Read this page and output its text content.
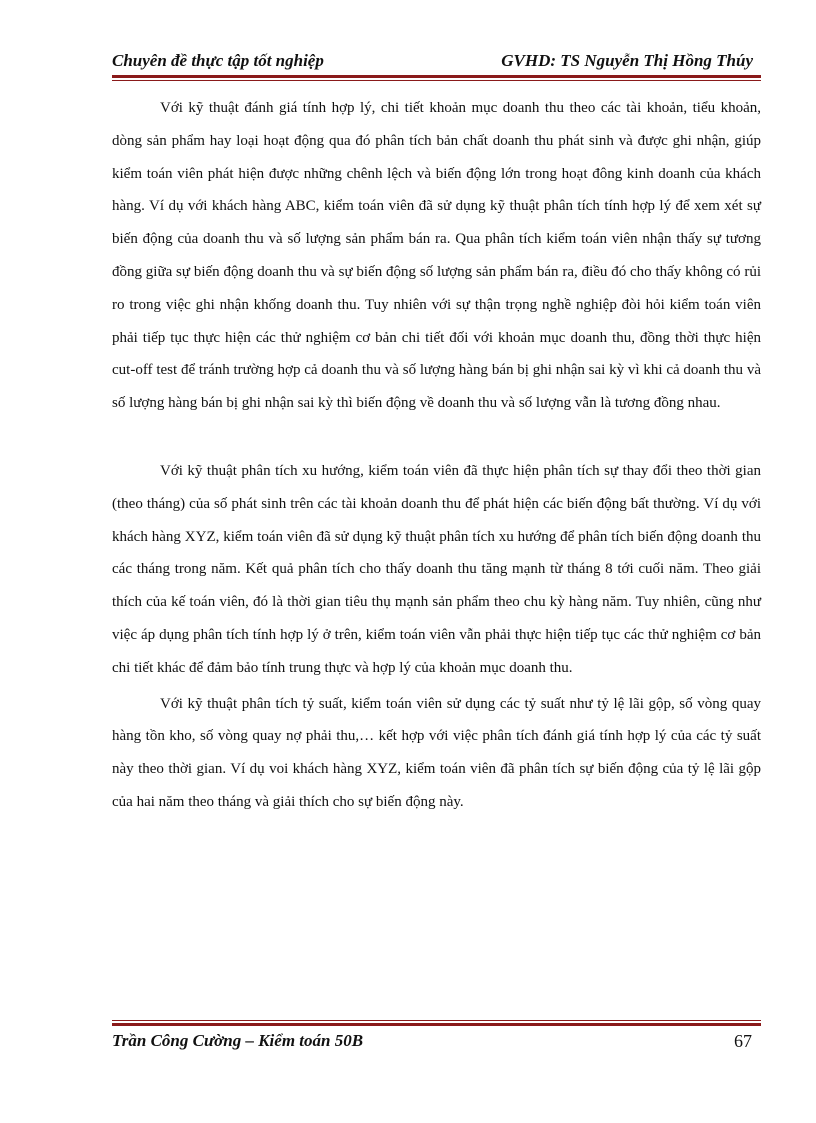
Chuyên đề thực tập tốt nghiệp	GVHD: TS Nguyễn Thị Hồng Thúy

Với kỹ thuật đánh giá tính hợp lý, chi tiết khoản mục doanh thu theo các tài khoản, tiểu khoản, dòng sản phẩm hay loại hoạt động qua đó phân tích bản chất doanh thu phát sinh và được ghi nhận, giúp kiểm toán viên phát hiện được những chênh lệch và biến động lớn trong hoạt đông kinh doanh của khách hàng. Ví dụ với khách hàng ABC, kiểm toán viên đã sử dụng kỹ thuật phân tích tính hợp lý để xem xét sự biến động của doanh thu và số lượng sản phẩm bán ra. Qua phân tích kiểm toán viên nhận thấy sự tương đồng giữa sự biến động doanh thu và sự biến động số lượng sản phẩm bán ra, điều đó cho thấy không có rủi ro trong việc ghi nhận khống doanh thu. Tuy nhiên với sự thận trọng nghề nghiệp đòi hỏi kiểm toán viên phải tiếp tục thực hiện các thử nghiệm cơ bản chi tiết đối với khoản mục doanh thu, đồng thời thực hiện cut-off test để tránh trường hợp cả doanh thu và số lượng hàng bán bị ghi nhận sai kỳ vì khi cả doanh thu và số lượng hàng bán bị ghi nhận sai kỳ thì biến động về doanh thu và số lượng vẫn là tương đồng nhau.

Với kỹ thuật phân tích xu hướng, kiểm toán viên đã thực hiện phân tích sự thay đổi theo thời gian (theo tháng) của số phát sinh trên các tài khoản doanh thu để phát hiện các biến động bất thường. Ví dụ với khách hàng XYZ, kiểm toán viên đã sử dụng kỹ thuật phân tích xu hướng để phân tích biến động doanh thu các tháng trong năm. Kết quả phân tích cho thấy doanh thu tăng mạnh từ tháng 8 tới cuối năm. Theo giải thích của kế toán viên, đó là thời gian tiêu thụ mạnh sản phẩm theo chu kỳ hàng năm. Tuy nhiên, cũng như việc áp dụng phân tích tính hợp lý ở trên, kiểm toán viên vẫn phải thực hiện tiếp tục các thử nghiệm cơ bản chi tiết khác để đảm bảo tính trung thực và hợp lý của khoản mục doanh thu.

Với kỹ thuật phân tích tỷ suất, kiểm toán viên sử dụng các tỷ suất như tỷ lệ lãi gộp, số vòng quay hàng tồn kho, số vòng quay nợ phải thu,… kết hợp với việc phân tích đánh giá tính hợp lý của các tỷ suất này theo thời gian. Ví dụ voi khách hàng XYZ, kiểm toán viên đã phân tích sự biến động của tỷ lệ lãi gộp của hai năm theo tháng và giải thích cho sự biến động này.

Trần Công Cường – Kiểm toán 50B	67
